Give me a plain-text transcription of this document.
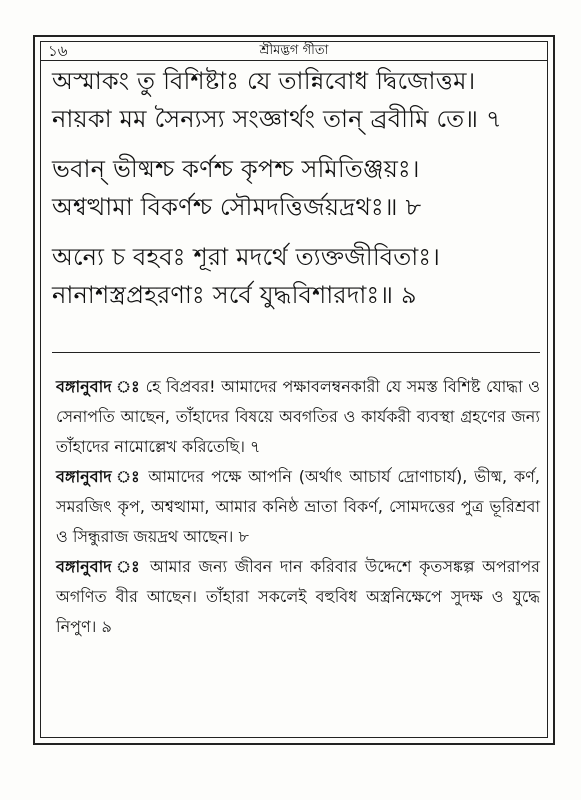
১৬	শ্রীমদ্ভগ গীতা
অস্মাকং তু বিশিষ্টাঃ যে তান্নিবোধ দ্বিজোত্তম।
নায়কা মম সৈন্যস্য সংজ্ঞার্থং তান্ ব্রবীমি তে॥ ৭
ভবান্ ভীষ্মশ্চ কর্ণশ্চ কৃপশ্চ সমিতিঞ্জয়ঃ।
অশ্বত্থামা বিকর্ণশ্চ সৌমদত্তির্জয়দ্রথঃ॥ ৮
অন্যে চ বহবঃ শূরা মদর্থে ত্যক্তজীবিতাঃ।
নানাশস্ত্রপ্রহরণাঃ সর্বে যুদ্ধবিশারদাঃ॥ ৯

বঙ্গানুবাদ ঃ হে বিপ্রবর! আমাদের পক্ষাবলম্বনকারী যে সমস্ত বিশিষ্ট যোদ্ধা ও সেনাপতি আছেন, তাঁহাদের বিষয়ে অবগতির ও কার্যকরী ব্যবস্থা গ্রহণের জন্য তাঁহাদের নামোল্লেখ করিতেছি। ৭

বঙ্গানুবাদ ঃ আমাদের পক্ষে আপনি (অর্থাৎ আচার্য দ্রোণাচার্য), ভীষ্ম, কর্ণ, সমরজিৎ কৃপ, অশ্বত্থামা, আমার কনিষ্ঠ ভ্রাতা বিকর্ণ, সোমদত্তের পুত্র ভূরিশ্রবা ও সিন্ধুরাজ জয়দ্রথ আছেন। ৮

বঙ্গানুবাদ ঃ আমার জন্য জীবন দান করিবার উদ্দেশে কৃতসঙ্কল্প অপরাপর অগণিত বীর আছেন। তাঁহারা সকলেই বহুবিধ অস্ত্রনিক্ষেপে সুদক্ষ ও যুদ্ধে নিপুণ। ৯
